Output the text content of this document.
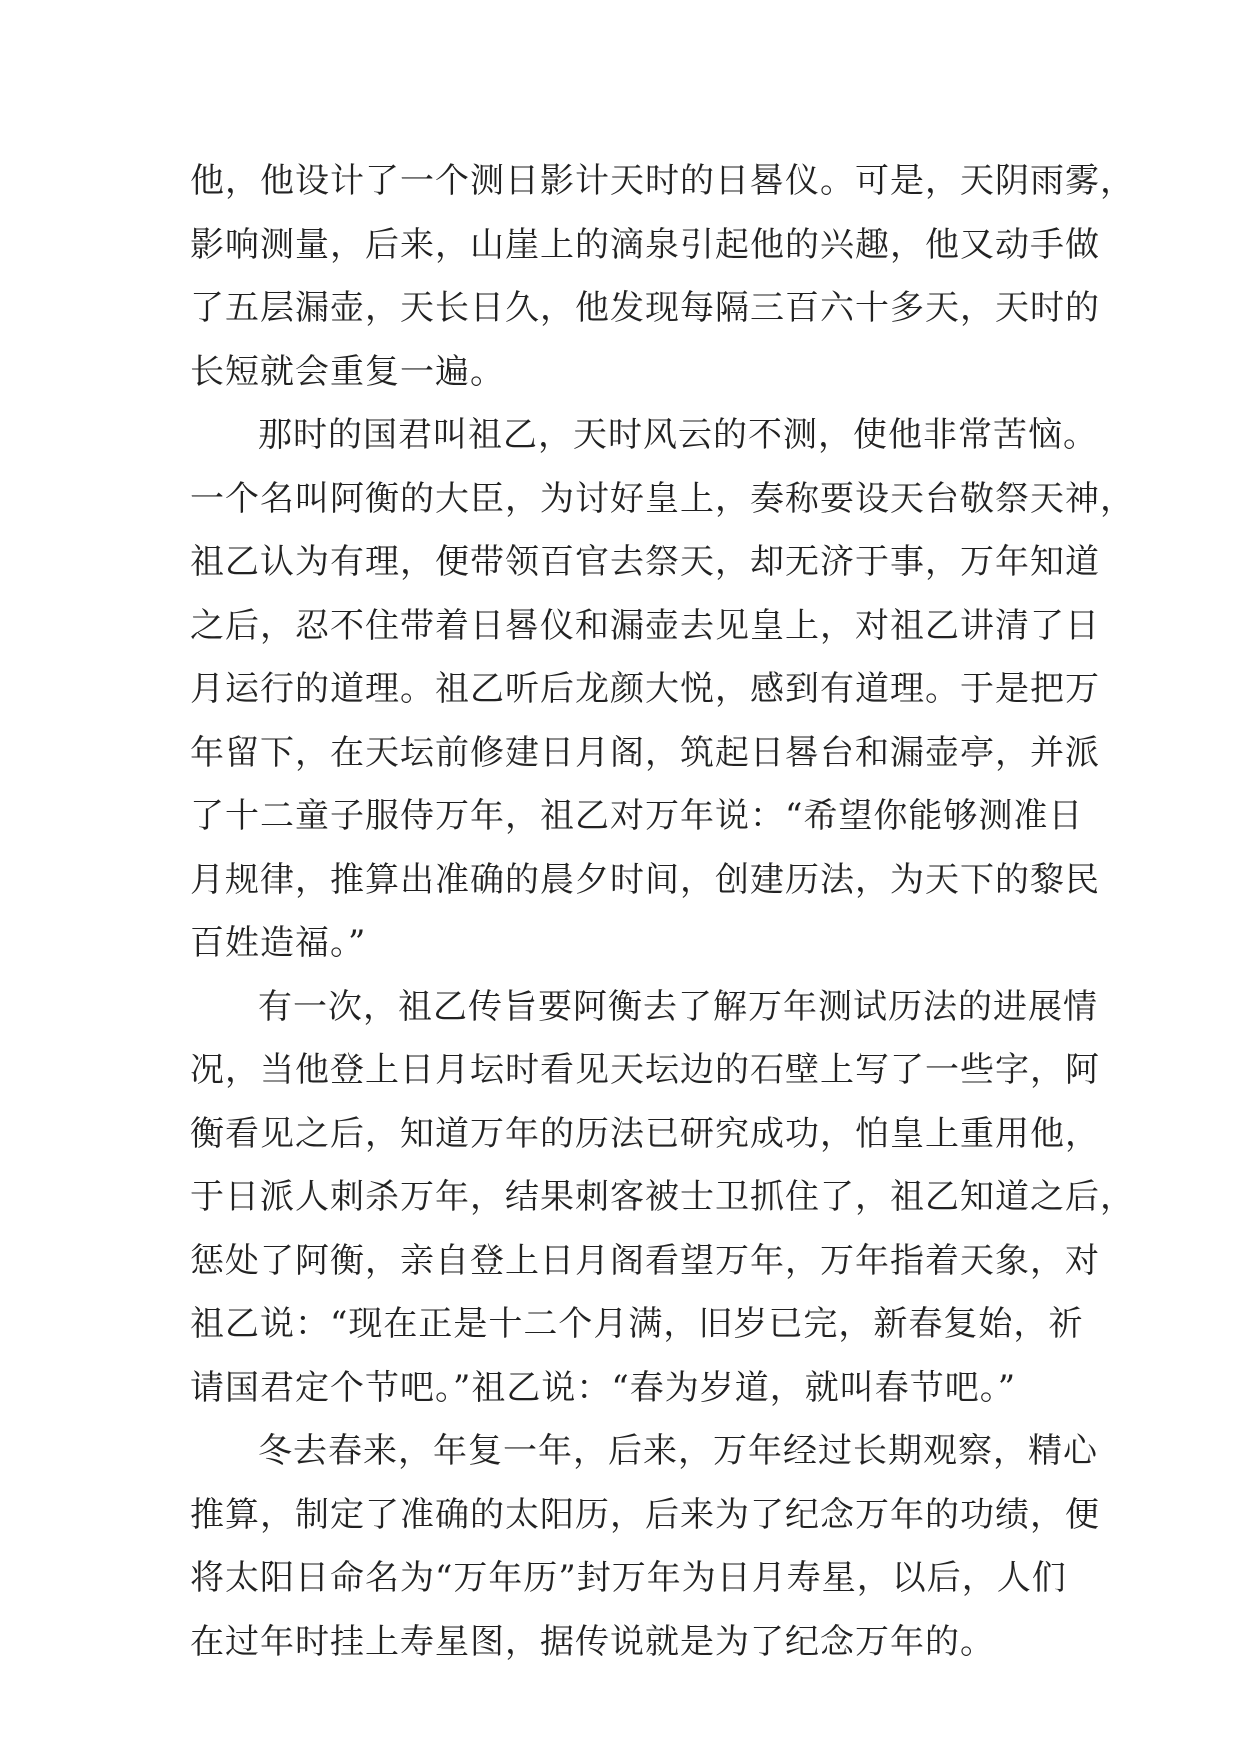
他，他设计了一个测日影计天时的日晷仪。可是，天阴雨雾，
影响测量，后来，山崖上的滴泉引起他的兴趣，他又动手做
了五层漏壶，天长日久，他发现每隔三百六十多天，天时的
长短就会重复一遍。
那时的国君叫祖乙，天时风云的不测，使他非常苦恼。
一个名叫阿衡的大臣，为讨好皇上，奏称要设天台敬祭天神，
祖乙认为有理，便带领百官去祭天，却无济于事，万年知道
之后，忍不住带着日晷仪和漏壶去见皇上，对祖乙讲清了日
月运行的道理。祖乙听后龙颜大悦，感到有道理。于是把万
年留下，在天坛前修建日月阁，筑起日晷台和漏壶亭，并派
了十二童子服侍万年，祖乙对万年说：“希望你能够测准日
月规律，推算出准确的晨夕时间，创建历法，为天下的黎民
百姓造福。”
有一次，祖乙传旨要阿衡去了解万年测试历法的进展情
况，当他登上日月坛时看见天坛边的石壁上写了一些字，阿
衡看见之后，知道万年的历法已研究成功，怕皇上重用他，
于日派人刺杀万年，结果刺客被士卫抓住了，祖乙知道之后，
惩处了阿衡，亲自登上日月阁看望万年，万年指着天象，对
祖乙说：“现在正是十二个月满，旧岁已完，新春复始，祈
请国君定个节吧。”祖乙说：“春为岁道，就叫春节吧。”
冬去春来，年复一年，后来，万年经过长期观察，精心
推算，制定了准确的太阳历，后来为了纪念万年的功绩，便
将太阳日命名为“万年历”封万年为日月寿星，以后，人们
在过年时挂上寿星图，据传说就是为了纪念万年的。
